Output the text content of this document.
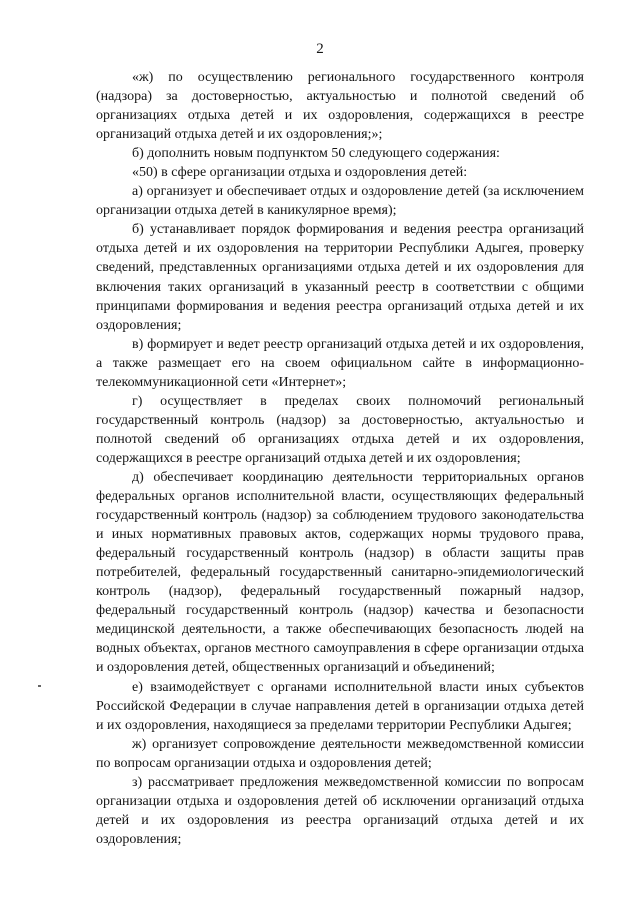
2

«ж) по осуществлению регионального государственного контроля (надзора) за достоверностью, актуальностью и полнотой сведений об организациях отдыха детей и их оздоровления, содержащихся в реестре организаций отдыха детей и их оздоровления;»;

б) дополнить новым подпунктом 50 следующего содержания:

«50) в сфере организации отдыха и оздоровления детей:

а) организует и обеспечивает отдых и оздоровление детей (за исключением организации отдыха детей в каникулярное время);

б) устанавливает порядок формирования и ведения реестра организаций отдыха детей и их оздоровления на территории Республики Адыгея, проверку сведений, представленных организациями отдыха детей и их оздоровления для включения таких организаций в указанный реестр в соответствии с общими принципами формирования и ведения реестра организаций отдыха детей и их оздоровления;

в) формирует и ведет реестр организаций отдыха детей и их оздоровления, а также размещает его на своем официальном сайте в информационно-телекоммуникационной сети «Интернет»;

г) осуществляет в пределах своих полномочий региональный государственный контроль (надзор) за достоверностью, актуальностью и полнотой сведений об организациях отдыха детей и их оздоровления, содержащихся в реестре организаций отдыха детей и их оздоровления;

д) обеспечивает координацию деятельности территориальных органов федеральных органов исполнительной власти, осуществляющих федеральный государственный контроль (надзор) за соблюдением трудового законодательства и иных нормативных правовых актов, содержащих нормы трудового права, федеральный государственный контроль (надзор) в области защиты прав потребителей, федеральный государственный санитарно-эпидемиологический контроль (надзор), федеральный государственный пожарный надзор, федеральный государственный контроль (надзор) качества и безопасности медицинской деятельности, а также обеспечивающих безопасность людей на водных объектах, органов местного самоуправления в сфере организации отдыха и оздоровления детей, общественных организаций и объединений;

е) взаимодействует с органами исполнительной власти иных субъектов Российской Федерации в случае направления детей в организации отдыха детей и их оздоровления, находящиеся за пределами территории Республики Адыгея;

ж) организует сопровождение деятельности межведомственной комиссии по вопросам организации отдыха и оздоровления детей;

з) рассматривает предложения межведомственной комиссии по вопросам организации отдыха и оздоровления детей об исключении организаций отдыха детей и их оздоровления из реестра организаций отдыха детей и их оздоровления;
